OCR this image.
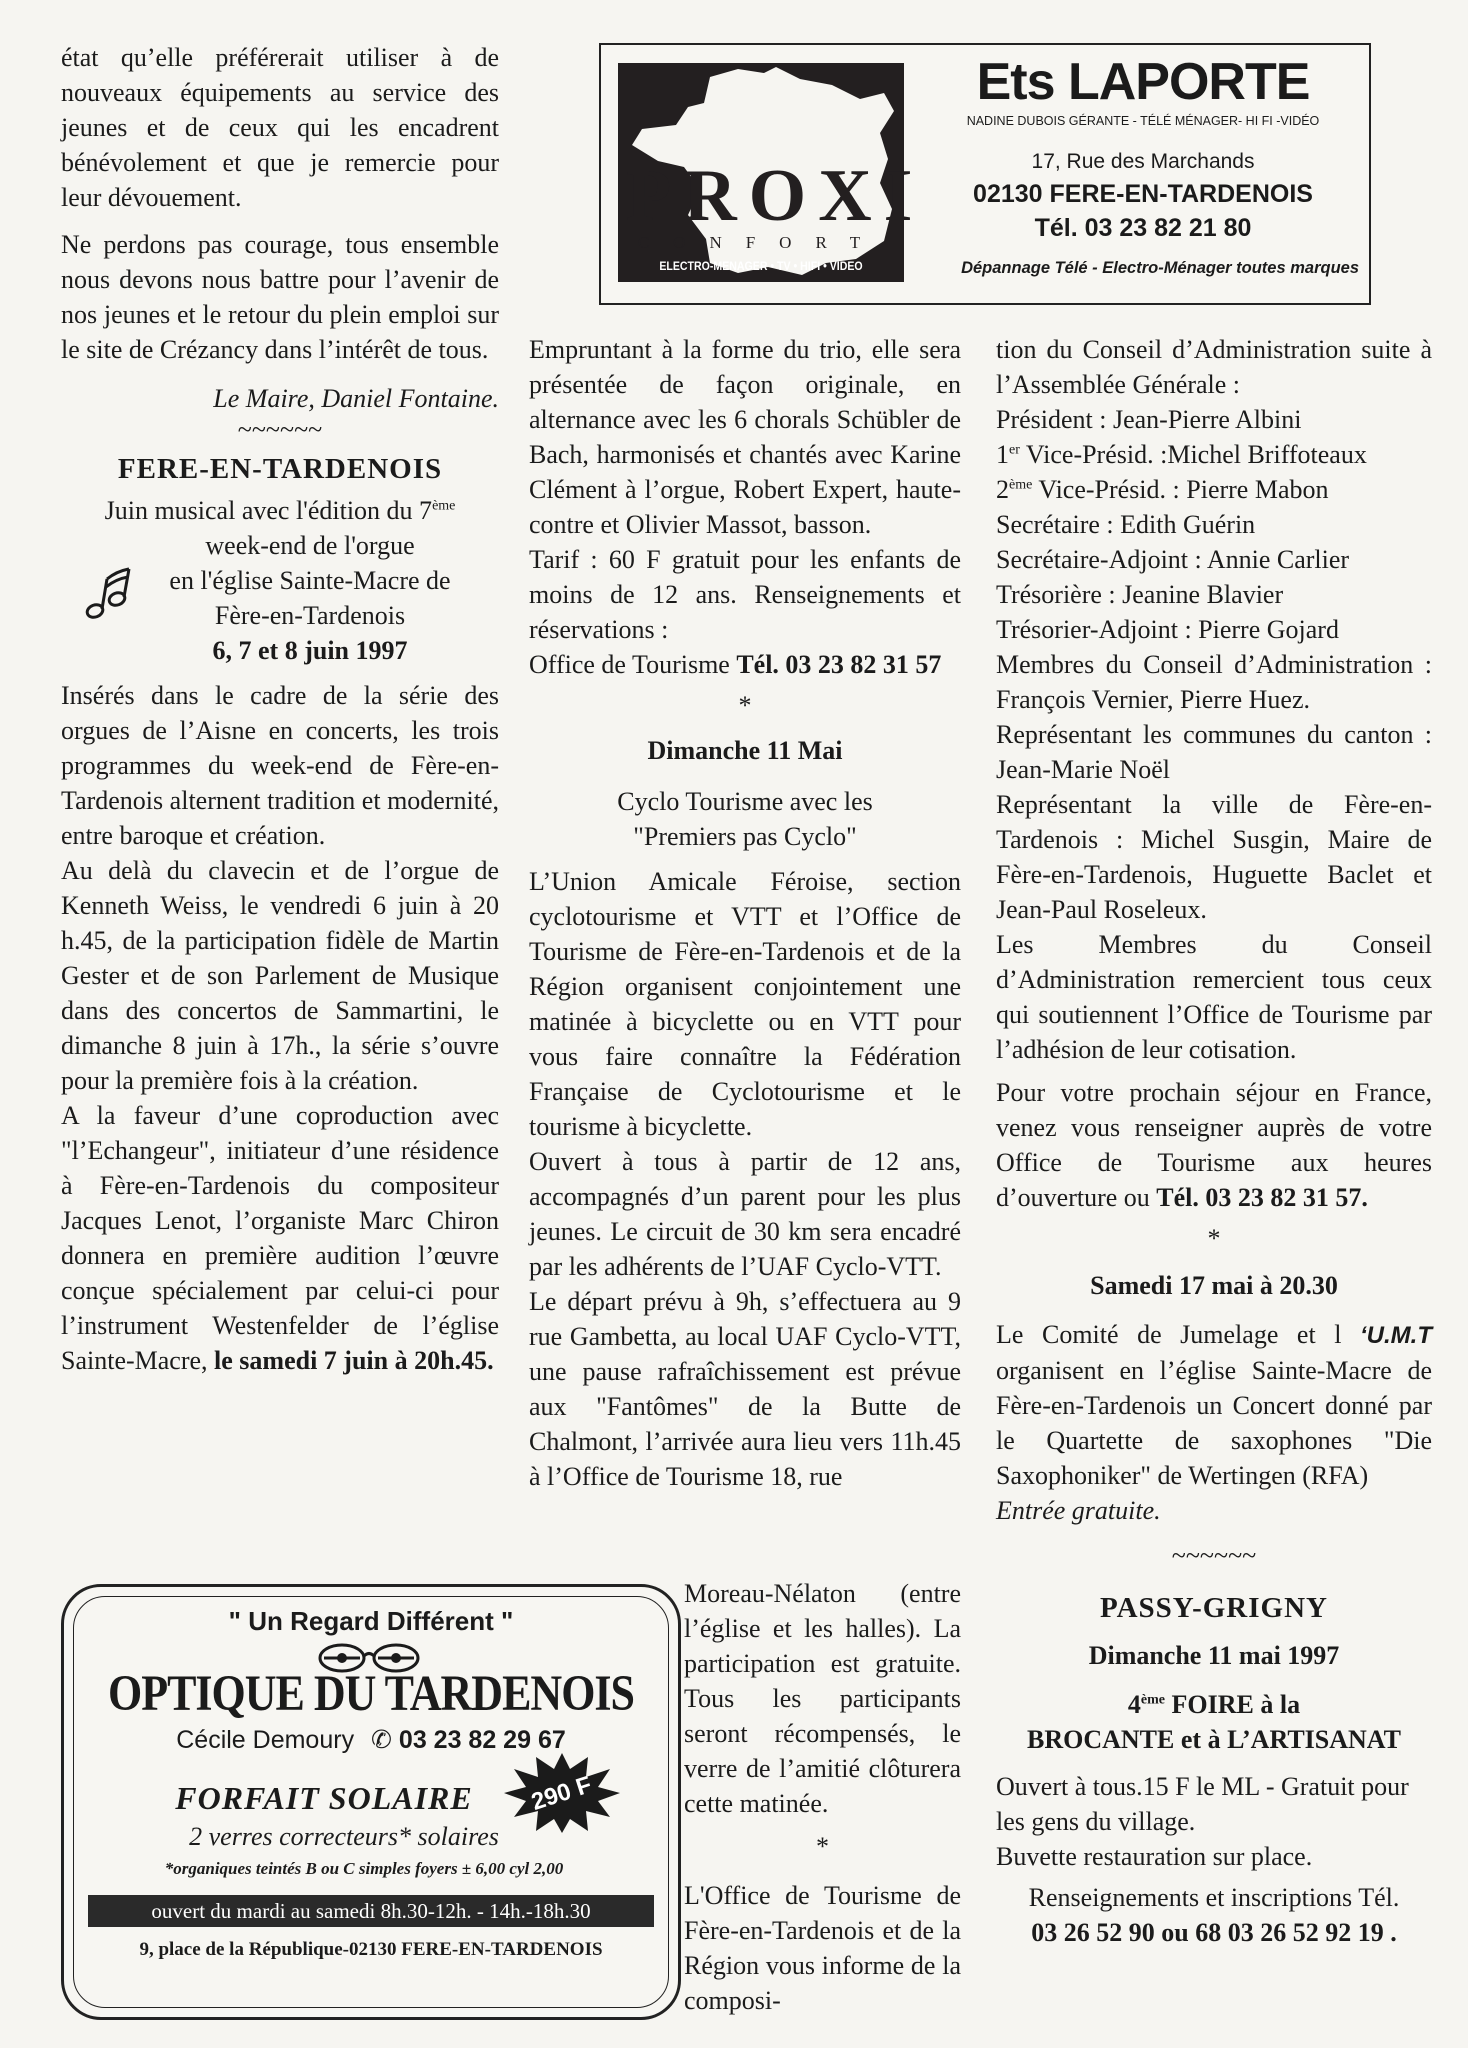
état qu’elle préférerait utiliser à de nouveaux équipements au service des jeunes et de ceux qui les encadrent bénévolement et que je remercie pour leur dévouement.

Ne perdons pas courage, tous ensemble nous devons nous battre pour l’avenir de nos jeunes et le retour du plein emploi sur le site de Crézancy dans l’intérêt de tous.

Le Maire, Daniel Fontaine.

~~~~~~

FERE-EN-TARDENOIS

Juin musical avec l'édition du 7ème

week-end de l'orgue

en l'église Sainte-Macre de

Fère-en-Tardenois

6, 7 et 8 juin 1997

Insérés dans le cadre de la série des orgues de l’Aisne en concerts, les trois programmes du week-end de Fère-en-Tardenois alternent tradition et modernité, entre baroque et création.

Au delà du clavecin et de l’orgue de Kenneth Weiss, le vendredi 6 juin à 20 h.45, de la participation fidèle de Martin Gester et de son Parlement de Musique dans des concertos de Sammartini, le dimanche 8 juin à 17h., la série s’ouvre pour la première fois à la création.

A la faveur d’une coproduction avec "l’Echangeur", initiateur d’une résidence à Fère-en-Tardenois du compositeur Jacques Lenot, l’organiste Marc Chiron donnera en première audition l’œuvre conçue spécialement par celui-ci pour l’instrument Westenfelder de l’église Sainte-Macre, le samedi 7 juin à 20h.45.

PROXI
CONFORT
ELECTRO-MENAGER • TV • HIFI • VIDEO
Ets LAPORTE
NADINE DUBOIS GÉRANTE - TÉLÉ MÉNAGER- HI FI -VIDÉO
17, Rue des Marchands
02130 FERE-EN-TARDENOIS
Tél. 03 23 82 21 80
Dépannage Télé - Electro-Ménager toutes marques

Empruntant à la forme du trio, elle sera présentée de façon originale, en alternance avec les 6 chorals Schübler de Bach, harmonisés et chantés avec Karine Clément à l’orgue, Robert Expert, haute-contre et Olivier Massot, basson.

Tarif : 60 F gratuit pour les enfants de moins de 12 ans. Renseignements et réservations :

Office de Tourisme Tél. 03 23 82 31 57

*

Dimanche 11 Mai

Cyclo Tourisme avec les

"Premiers pas Cyclo"

L’Union Amicale Féroise, section cyclotourisme et VTT et l’Office de Tourisme de Fère-en-Tardenois et de la Région organisent conjointement une matinée à bicyclette ou en VTT pour vous faire connaître la Fédération Française de Cyclotourisme et le tourisme à bicyclette.

Ouvert à tous à partir de 12 ans, accompagnés d’un parent pour les plus jeunes. Le circuit de 30 km sera encadré par les adhérents de l’UAF Cyclo-VTT.

Le départ prévu à 9h, s’effectuera au 9 rue Gambetta, au local UAF Cyclo-VTT, une pause rafraîchissement est prévue aux "Fantômes" de la Butte de Chalmont, l’arrivée aura lieu vers 11h.45 à l’Office de Tourisme 18, rue

Moreau-Nélaton (entre l’église et les halles). La participation est gratuite. Tous les participants seront récompensés, le verre de l’amitié clôturera cette matinée.

*

L'Office de Tourisme de Fère-en-Tardenois et de la Région vous informe de la composi-

tion du Conseil d’Administration suite à l’Assemblée Générale :

Président : Jean-Pierre Albini

1er Vice-Présid. :Michel Briffoteaux

2ème Vice-Présid. : Pierre Mabon

Secrétaire : Edith Guérin

Secrétaire-Adjoint : Annie Carlier

Trésorière : Jeanine Blavier

Trésorier-Adjoint : Pierre Gojard

Membres du Conseil d’Administration : François Vernier, Pierre Huez.

Représentant les communes du canton : Jean-Marie Noël

Représentant la ville de Fère-en-Tardenois : Michel Susgin, Maire de Fère-en-Tardenois, Huguette Baclet et Jean-Paul Roseleux.

Les Membres du Conseil d’Administration remercient tous ceux qui soutiennent l’Office de Tourisme par l’adhésion de leur cotisation.

Pour votre prochain séjour en France, venez vous renseigner auprès de votre Office de Tourisme aux heures d’ouverture ou Tél. 03 23 82 31 57.

*

Samedi 17 mai à 20.30

Le Comité de Jumelage et l ‘U.M.T organisent en l’église Sainte-Macre de Fère-en-Tardenois un Concert donné par le Quartette de saxophones "Die Saxophoniker" de Wertingen (RFA)

Entrée gratuite.

~~~~~~

PASSY-GRIGNY

Dimanche 11 mai 1997

4ème FOIRE à la

BROCANTE et à L’ARTISANAT

Ouvert à tous.15 F le ML - Gratuit pour les gens du village.

Buvette restauration sur place.

Renseignements et inscriptions Tél.

03 26 52 90 ou 68 03 26 52 92 19 .

" Un Regard Différent "
OPTIQUE DU TARDENOIS
Cécile Demoury ✆ 03 23 82 29 67
FORFAIT SOLAIRE	290 F
2 verres correcteurs* solaires
*organiques teintés B ou C simples foyers ± 6,00 cyl 2,00
ouvert du mardi au samedi 8h.30-12h. - 14h.-18h.30
9, place de la République-02130 FERE-EN-TARDENOIS
